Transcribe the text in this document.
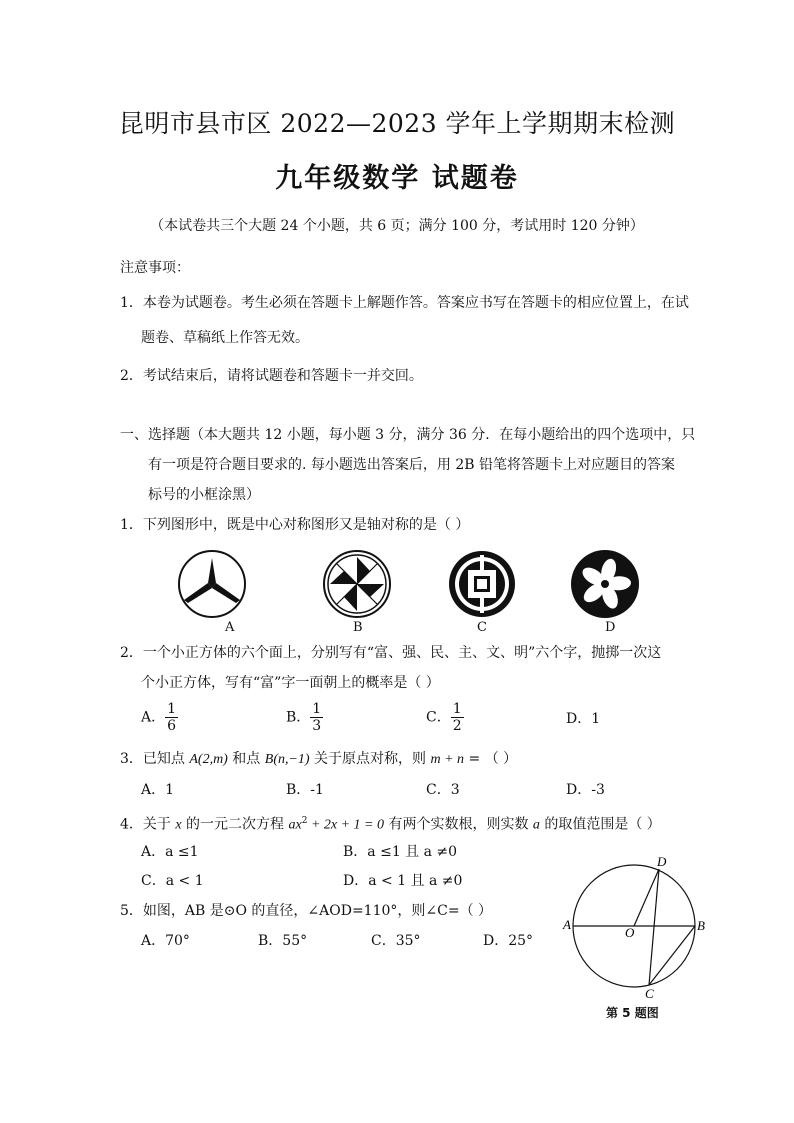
昆明市县市区 2022—2023 学年上学期期末检测
九年级数学 试题卷
（本试卷共三个大题 24 个小题，共 6 页；满分 100 分，考试用时 120 分钟）
注意事项：
1．本卷为试题卷。考生必须在答题卡上解题作答。答案应书写在答题卡的相应位置上，在试
题卷、草稿纸上作答无效。
2．考试结束后，请将试题卷和答题卡一并交回。
一、选择题（本大题共 12 小题，每小题 3 分，满分 36 分．在每小题给出的四个选项中，只
有一项是符合题目要求的. 每小题选出答案后，用 2B 铅笔将答题卡上对应题目的答案
标号的小框涂黑）
1．下列图形中，既是中心对称图形又是轴对称的是（ ）
A	B	C	D
2．一个小正方体的六个面上，分别写有“富、强、民、主、文、明”六个字，抛掷一次这
个小正方体，写有“富”字一面朝上的概率是（ ）
A． $\frac{1}{6}$	B． $\frac{1}{3}$	C． $\frac{1}{2}$	D．1
3．已知点 A(2,m) 和点 B(n,−1) 关于原点对称，则 m + n = （ ）
A．1	B．-1	C．3	D．-3
4．关于 x 的一元二次方程 $ax^2 + 2x + 1 = 0$ 有两个实数根，则实数 a 的取值范围是（ ）
A．a ≤1	B．a ≤1 且 a ≠0
C．a < 1	D．a < 1 且 a ≠0
5．如图，AB 是⊙O 的直径，∠AOD=110°，则∠C=（ ）
A．70°	B．55°	C．35°	D．25°
D
A	B
C
O
第 5 题图
